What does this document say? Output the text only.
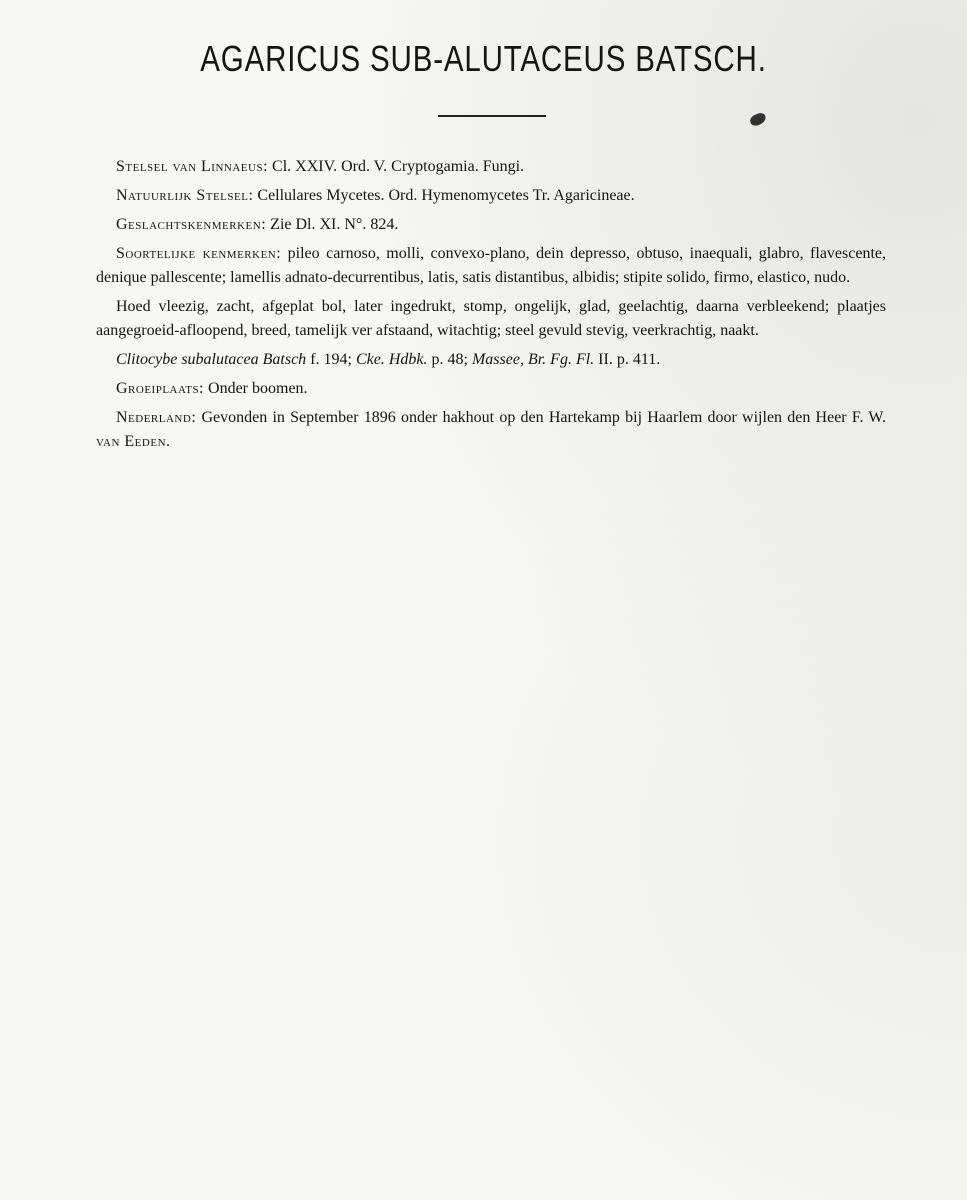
AGARICUS SUB-ALUTACEUS BATSCH.

Stelsel van Linnaeus: Cl. XXIV. Ord. V. Cryptogamia. Fungi.

Natuurlijk Stelsel: Cellulares Mycetes. Ord. Hymenomycetes Tr. Agaricineae.

Geslachtskenmerken: Zie Dl. XI. N°. 824.

Soortelijke kenmerken: pileo carnoso, molli, convexo-plano, dein depresso, obtuso, inaequali, glabro, flavescente, denique pallescente; lamellis adnato-decurrentibus, latis, satis distantibus, albidis; stipite solido, firmo, elastico, nudo.

Hoed vleezig, zacht, afgeplat bol, later ingedrukt, stomp, ongelijk, glad, geelachtig, daarna verbleekend; plaatjes aangegroeid-afloopend, breed, tamelijk ver afstaand, witachtig; steel gevuld stevig, veerkrachtig, naakt.

Clitocybe subalutacea Batsch f. 194; Cke. Hdbk. p. 48; Massee, Br. Fg. Fl. II. p. 411.

Groeiplaats: Onder boomen.

Nederland: Gevonden in September 1896 onder hakhout op den Hartekamp bij Haarlem door wijlen den Heer F. W. van Eeden.
